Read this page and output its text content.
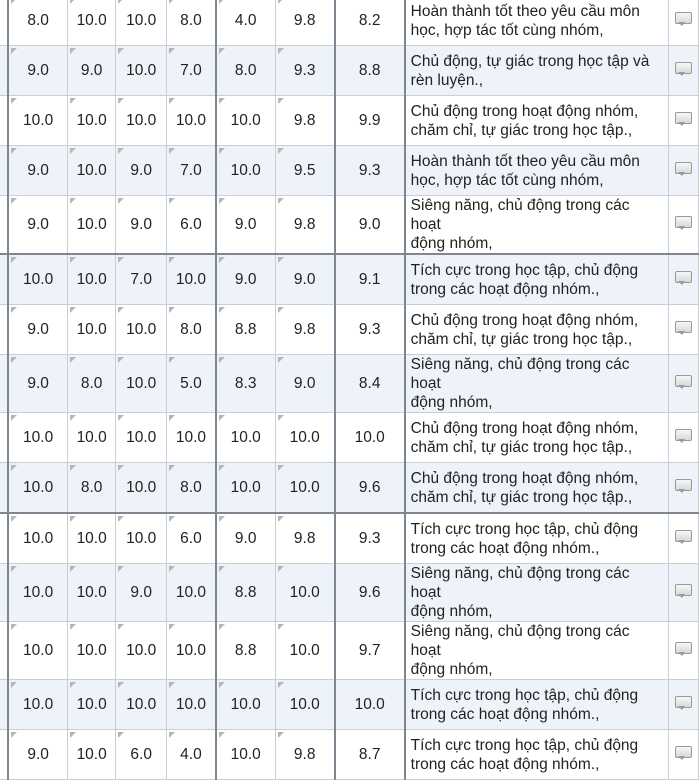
	8.0	10.0	10.0	8.0	4.0	9.8	8.2	Hoàn thành tốt theo yêu cầu môn
học, hợp tác tốt cùng nhóm,	

	9.0	9.0	10.0	7.0	8.0	9.3	8.8	Chủ động, tự giác trong học tập và
rèn luyện.,	

	10.0	10.0	10.0	10.0	10.0	9.8	9.9	Chủ động trong hoạt động nhóm,
chăm chỉ, tự giác trong học tập.,	

	9.0	10.0	9.0	7.0	10.0	9.5	9.3	Hoàn thành tốt theo yêu cầu môn
học, hợp tác tốt cùng nhóm,	

	9.0	10.0	9.0	6.0	9.0	9.8	9.0	Siêng năng, chủ động trong các hoạt
động nhóm,	

	10.0	10.0	7.0	10.0	9.0	9.0	9.1	Tích cực trong học tập, chủ động
trong các hoạt động nhóm.,	

	9.0	10.0	10.0	8.0	8.8	9.8	9.3	Chủ động trong hoạt động nhóm,
chăm chỉ, tự giác trong học tập.,	

	9.0	8.0	10.0	5.0	8.3	9.0	8.4	Siêng năng, chủ động trong các hoạt
động nhóm,	

	10.0	10.0	10.0	10.0	10.0	10.0	10.0	Chủ động trong hoạt động nhóm,
chăm chỉ, tự giác trong học tập.,	

	10.0	8.0	10.0	8.0	10.0	10.0	9.6	Chủ động trong hoạt động nhóm,
chăm chỉ, tự giác trong học tập.,	

	10.0	10.0	10.0	6.0	9.0	9.8	9.3	Tích cực trong học tập, chủ động
trong các hoạt động nhóm.,	

	10.0	10.0	9.0	10.0	8.8	10.0	9.6	Siêng năng, chủ động trong các hoạt
động nhóm,	

	10.0	10.0	10.0	10.0	8.8	10.0	9.7	Siêng năng, chủ động trong các hoạt
động nhóm,	

	10.0	10.0	10.0	10.0	10.0	10.0	10.0	Tích cực trong học tập, chủ động
trong các hoạt động nhóm.,	

	9.0	10.0	6.0	4.0	10.0	9.8	8.7	Tích cực trong học tập, chủ động
trong các hoạt động nhóm.,	
